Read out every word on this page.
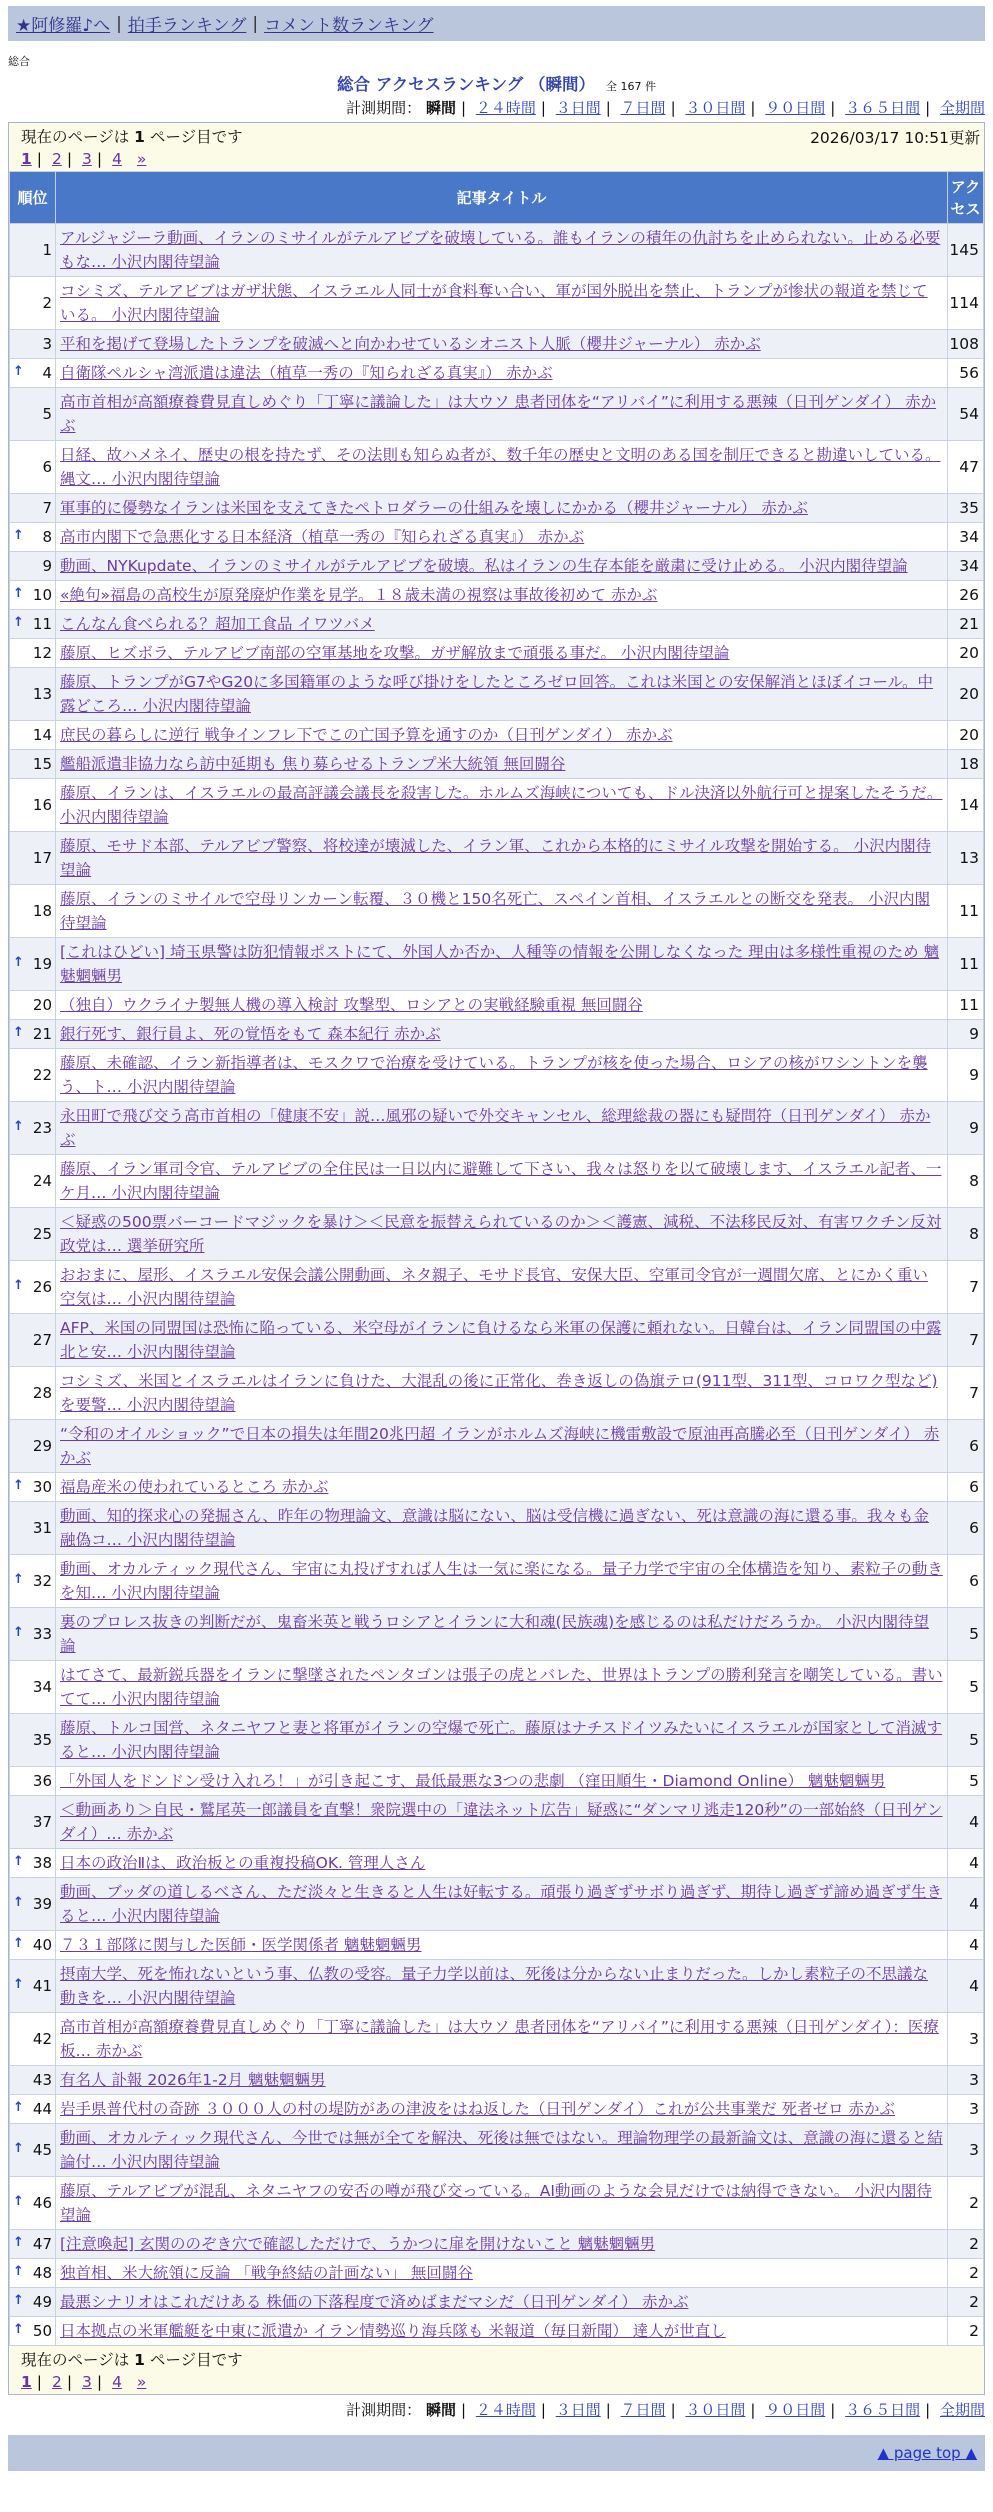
★阿修羅♪へ | 拍手ランキング | コメント数ランキング
総合
総合 アクセスランキング （瞬間） 全 167 件
計測期間： 瞬間 | ２４時間 | ３日間 | ７日間 | ３０日間 | ９０日間 | ３６５日間 | 全期間
現在のページは 1 ページ目です	2026/03/17 10:51更新
1 | 2 | 3 | 4 »
順位	記事タイトル	アクセス
1	アルジャジーラ動画、イランのミサイルがテルアビブを破壊している。誰もイランの積年の仇討ちを止められない。止める必要もな… 小沢内閣待望論	145
2	コシミズ、テルアビブはガザ状態、イスラエル人同士が食料奪い合い、軍が国外脱出を禁止、トランプが惨状の報道を禁じている。 小沢内閣待望論	114
3	平和を掲げて登場したトランプを破滅へと向かわせているシオニスト人脈（櫻井ジャーナル） 赤かぶ	108

↑ 4	自衛隊ペルシャ湾派遣は違法（植草一秀の『知られざる真実』） 赤かぶ	56
5	高市首相が高額療養費見直しめぐり「丁寧に議論した」は大ウソ 患者団体を“アリバイ”に利用する悪辣（日刊ゲンダイ） 赤かぶ	54
6	日経、故ハメネイ、歴史の根を持たず、その法則も知らぬ者が、数千年の歴史と文明のある国を制圧できると勘違いしている。縄文… 小沢内閣待望論	47
7	軍事的に優勢なイランは米国を支えてきたペトロダラーの仕組みを壊しにかかる（櫻井ジャーナル） 赤かぶ	35

↑ 8	高市内閣下で急悪化する日本経済（植草一秀の『知られざる真実』） 赤かぶ	34
9	動画、NYKupdate、イランのミサイルがテルアビブを破壊。私はイランの生存本能を厳粛に受け止める。 小沢内閣待望論	34

↑ 10	«絶句»福島の高校生が原発廃炉作業を見学。１８歳未満の視察は事故後初めて 赤かぶ	26

↑ 11	こんなん食べられる？超加工食品 イワツバメ	21
12	藤原、ヒズボラ、テルアビブ南部の空軍基地を攻撃。ガザ解放まで頑張る事だ。 小沢内閣待望論	20
13	藤原、トランプがG7やG20に多国籍軍のような呼び掛けをしたところゼロ回答。これは米国との安保解消とほぼイコール。中露どころ… 小沢内閣待望論	20
14	庶民の暮らしに逆行 戦争インフレ下でこの亡国予算を通すのか（日刊ゲンダイ） 赤かぶ	20
15	艦船派遣非協力なら訪中延期も 焦り募らせるトランプ米大統領 無回闘谷	18
16	藤原、イランは、イスラエルの最高評議会議長を殺害した。ホルムズ海峡についても、ドル決済以外航行可と提案したそうだ。 小沢内閣待望論	14
17	藤原、モサド本部、テルアビブ警察、将校達が壊滅した、イラン軍、これから本格的にミサイル攻撃を開始する。 小沢内閣待望論	13
18	藤原、イランのミサイルで空母リンカーン転覆、３０機と150名死亡、スペイン首相、イスラエルとの断交を発表。 小沢内閣待望論	11

↑ 19	[これはひどい] 埼玉県警は防犯情報ポストにて、外国人か否か、人種等の情報を公開しなくなった 理由は多様性重視のため 魑魅魍魎男	11
20	（独自）ウクライナ製無人機の導入検討 攻撃型、ロシアとの実戦経験重視 無回闘谷	11

↑ 21	銀行死す、銀行員よ、死の覚悟をもて 森本紀行 赤かぶ	9
22	藤原、未確認、イラン新指導者は、モスクワで治療を受けている。トランプが核を使った場合、ロシアの核がワシントンを襲う、ト… 小沢内閣待望論	9

↑ 23	永田町で飛び交う高市首相の「健康不安」説…風邪の疑いで外交キャンセル、総理総裁の器にも疑問符（日刊ゲンダイ） 赤かぶ	9
24	藤原、イラン軍司令官、テルアビブの全住民は一日以内に避難して下さい、我々は怒りを以て破壊します、イスラエル記者、一ケ月… 小沢内閣待望論	8
25	＜疑惑の500票バーコードマジックを暴け＞＜民意を振替えられているのか＞＜護憲、減税、不法移民反対、有害ワクチン反対政党は… 選挙研究所	8

↑ 26	おおまに、屋形、イスラエル安保会議公開動画、ネタ親子、モサド長官、安保大臣、空軍司令官が一週間欠席、とにかく重い空気は… 小沢内閣待望論	7
27	AFP、米国の同盟国は恐怖に陥っている、米空母がイランに負けるなら米軍の保護に頼れない。日韓台は、イラン同盟国の中露北と安… 小沢内閣待望論	7
28	コシミズ、米国とイスラエルはイランに負けた、大混乱の後に正常化、巻き返しの偽旗テロ(911型、311型、コロワク型など)を要警… 小沢内閣待望論	7
29	“令和のオイルショック”で日本の損失は年間20兆円超 イランがホルムズ海峡に機雷敷設で原油再高騰必至（日刊ゲンダイ） 赤かぶ	6

↑ 30	福島産米の使われているところ 赤かぶ	6
31	動画、知的探求心の発掘さん、昨年の物理論文、意識は脳にない、脳は受信機に過ぎない、死は意識の海に還る事。我々も金融偽コ… 小沢内閣待望論	6

↑ 32	動画、オカルティック現代さん、宇宙に丸投げすれば人生は一気に楽になる。量子力学で宇宙の全体構造を知り、素粒子の動きを知… 小沢内閣待望論	6

↑ 33	裏のプロレス抜きの判断だが、鬼畜米英と戦うロシアとイランに大和魂(民族魂)を感じるのは私だけだろうか。 小沢内閣待望論	5
34	はてさて、最新鋭兵器をイランに撃墜されたペンタゴンは張子の虎とバレた、世界はトランプの勝利発言を嘲笑している。書いてて… 小沢内閣待望論	5
35	藤原、トルコ国営、ネタニヤフと妻と将軍がイランの空爆で死亡。藤原はナチスドイツみたいにイスラエルが国家として消滅すると… 小沢内閣待望論	5
36	「外国人をドンドン受け入れろ！」が引き起こす、最低最悪な3つの悲劇 （窪田順生・Diamond Online） 魑魅魍魎男	5
37	＜動画あり＞自民・鷲尾英一郎議員を直撃！衆院選中の「違法ネット広告」疑惑に“ダンマリ逃走120秒”の一部始終（日刊ゲンダイ）… 赤かぶ	4

↑ 38	日本の政治Ⅱは、政治板との重複投稿OK. 管理人さん	4

↑ 39	動画、ブッダの道しるべさん、ただ淡々と生きると人生は好転する。頑張り過ぎずサボり過ぎず、期待し過ぎず諦め過ぎず生きると… 小沢内閣待望論	4

↑ 40	７３１部隊に関与した医師・医学関係者 魑魅魍魎男	4

↑ 41	摂南大学、死を怖れないという事、仏教の受容。量子力学以前は、死後は分からない止まりだった。しかし素粒子の不思議な動きを… 小沢内閣待望論	4
42	高市首相が高額療養費見直しめぐり「丁寧に議論した」は大ウソ 患者団体を“アリバイ”に利用する悪辣（日刊ゲンダイ）：医療板… 赤かぶ	3
43	有名人 訃報 2026年1-2月 魑魅魍魎男	3

↑ 44	岩手県普代村の奇跡 ３０００人の村の堤防があの津波をはね返した（日刊ゲンダイ）これが公共事業だ 死者ゼロ 赤かぶ	3

↑ 45	動画、オカルティック現代さん、今世では無が全てを解決、死後は無ではない。理論物理学の最新論文は、意識の海に還ると結論付… 小沢内閣待望論	3

↑ 46	藤原、テルアビブが混乱、ネタニヤフの安否の噂が飛び交っている。AI動画のような会見だけでは納得できない。 小沢内閣待望論	2

↑ 47	[注意喚起] 玄関ののぞき穴で確認しただけで、うかつに扉を開けないこと 魑魅魍魎男	2

↑ 48	独首相、米大統領に反論 「戦争終結の計画ない」 無回闘谷	2

↑ 49	最悪シナリオはこれだけある 株価の下落程度で済めばまだマシだ（日刊ゲンダイ） 赤かぶ	2

↑ 50	日本拠点の米軍艦艇を中東に派遣か イラン情勢巡り海兵隊も 米報道（毎日新聞） 達人が世直し	2
現在のページは 1 ページ目です
1 | 2 | 3 | 4 »
計測期間： 瞬間 | ２４時間 | ３日間 | ７日間 | ３０日間 | ９０日間 | ３６５日間 | 全期間
▲ page top ▲
